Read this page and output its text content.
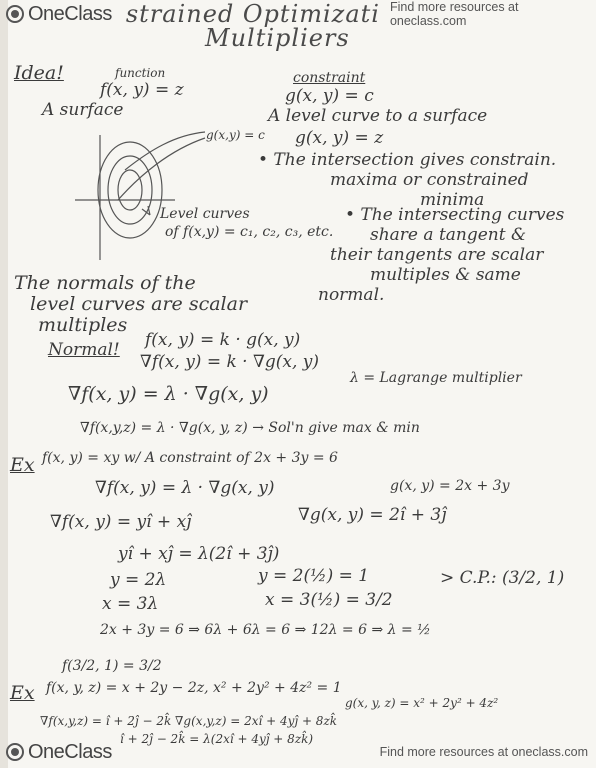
OneClass strained Optimizati Find more resources at oneclass.com
Multipliers
Idea!	function
f(x, y) = z
A surface
constraint
g(x, y) = c
A level curve to a surface
g(x, y) = z
g(x,y) = c
• The intersection gives constrain.
maxima or constrained
minima
Level curves
of f(x,y) = c₁, c₂, c₃, etc.
• The intersecting curves
share a tangent &
their tangents are scalar
multiples & same
normal.
The normals of the
level curves are scalar
multiples
Normal! f(x, y) = k · g(x, y)
∇f(x, y) = k · ∇g(x, y)
∇f(x, y) = λ · ∇g(x, y)
λ = Lagrange multiplier
∇f(x,y,z) = λ · ∇g(x, y, z) → Sol'n give max & min
Ex f(x, y) = xy w/ A constraint of 2x + 3y = 6
g(x, y) = 2x + 3y
∇f(x, y) = λ · ∇g(x, y)
∇f(x, y) = yî + xĵ	∇g(x, y) = 2î + 3ĵ
yî + xĵ = λ(2î + 3ĵ)
y = 2λ	y = 2(½) = 1	> C.P.: (3/2, 1)
x = 3λ	x = 3(½) = 3/2
2x + 3y = 6 ⇒ 6λ + 6λ = 6 ⇒ 12λ = 6 ⇒ λ = ½
f(3/2, 1) = 3/2
Ex f(x, y, z) = x + 2y − 2z, x² + 2y² + 4z² = 1
g(x, y, z) = x² + 2y² + 4z²
∇f(x,y,z) = î + 2ĵ − 2k̂ ∇g(x,y,z) = 2xî + 4yĵ + 8zk̂
î + 2ĵ − 2k̂ = λ(2xî + 4yĵ + 8zk̂)
OneClass	Find more resources at oneclass.com
